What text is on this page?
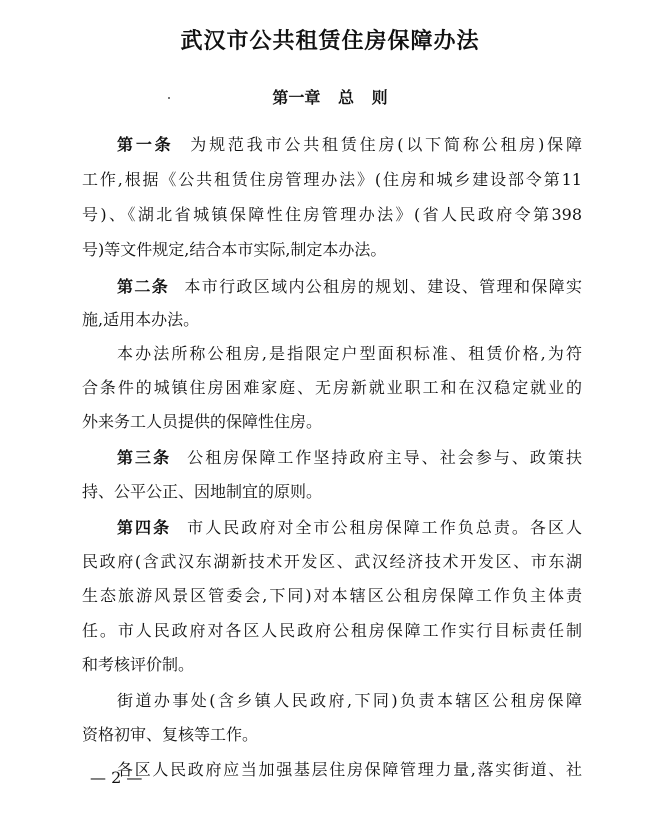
武汉市公共租赁住房保障办法
第一章 总 则
第一条 为规范我市公共租赁住房(以下简称公租房)保障
工作,根据《公共租赁住房管理办法》(住房和城乡建设部令第11
号)、《湖北省城镇保障性住房管理办法》(省人民政府令第398
号)等文件规定,结合本市实际,制定本办法。
第二条 本市行政区域内公租房的规划、建设、管理和保障实
施,适用本办法。
本办法所称公租房,是指限定户型面积标准、租赁价格,为符
合条件的城镇住房困难家庭、无房新就业职工和在汉稳定就业的
外来务工人员提供的保障性住房。
第三条 公租房保障工作坚持政府主导、社会参与、政策扶
持、公平公正、因地制宜的原则。
第四条 市人民政府对全市公租房保障工作负总责。各区人
民政府(含武汉东湖新技术开发区、武汉经济技术开发区、市东湖
生态旅游风景区管委会,下同)对本辖区公租房保障工作负主体责
任。市人民政府对各区人民政府公租房保障工作实行目标责任制
和考核评价制。
街道办事处(含乡镇人民政府,下同)负责本辖区公租房保障
资格初审、复核等工作。
各区人民政府应当加强基层住房保障管理力量,落实街道、社
— 2 —
